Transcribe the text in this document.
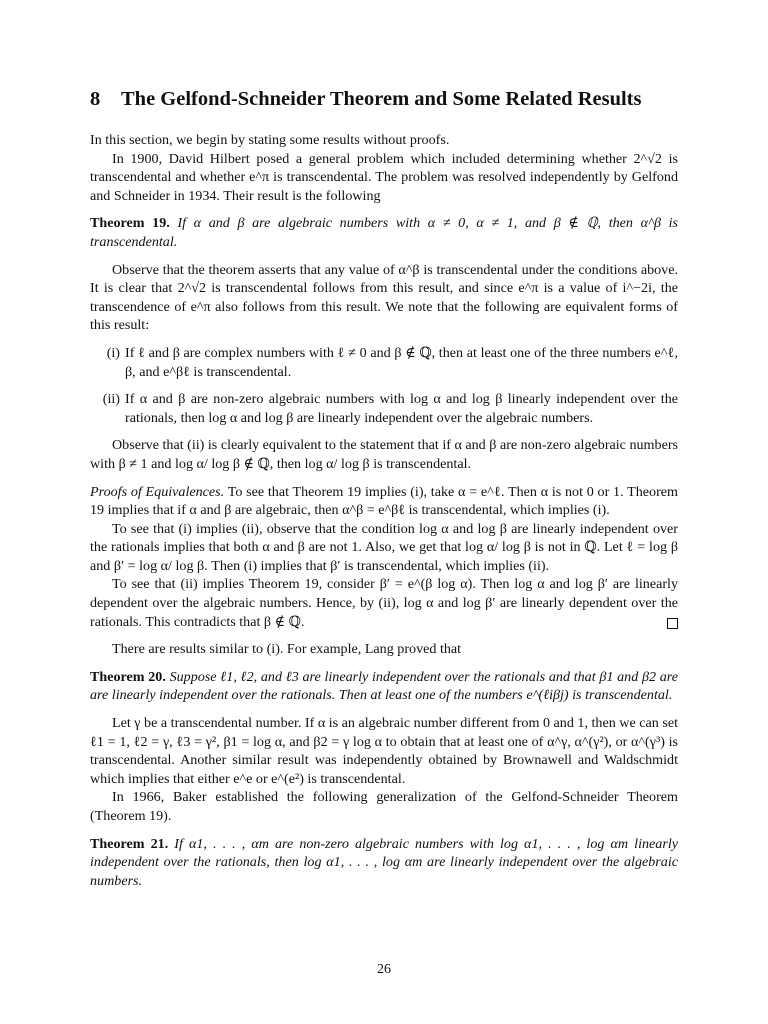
8 The Gelfond-Schneider Theorem and Some Related Results

In this section, we begin by stating some results without proofs.

In 1900, David Hilbert posed a general problem which included determining whether 2^√2 is transcendental and whether e^π is transcendental. The problem was resolved independently by Gelfond and Schneider in 1934. Their result is the following

Theorem 19. If α and β are algebraic numbers with α ≠ 0, α ≠ 1, and β ∉ ℚ, then α^β is transcendental.

Observe that the theorem asserts that any value of α^β is transcendental under the conditions above. It is clear that 2^√2 is transcendental follows from this result, and since e^π is a value of i^−2i, the transcendence of e^π also follows from this result. We note that the following are equivalent forms of this result:

(i) If ℓ and β are complex numbers with ℓ ≠ 0 and β ∉ ℚ, then at least one of the three numbers e^ℓ, β, and e^βℓ is transcendental.
(ii) If α and β are non-zero algebraic numbers with log α and log β linearly independent over the rationals, then log α and log β are linearly independent over the algebraic numbers.

Observe that (ii) is clearly equivalent to the statement that if α and β are non-zero algebraic numbers with β ≠ 1 and log α/ log β ∉ ℚ, then log α/ log β is transcendental.

Proofs of Equivalences. To see that Theorem 19 implies (i), take α = e^ℓ. Then α is not 0 or 1. Theorem 19 implies that if α and β are algebraic, then α^β = e^βℓ is transcendental, which implies (i).

To see that (i) implies (ii), observe that the condition log α and log β are linearly independent over the rationals implies that both α and β are not 1. Also, we get that log α/ log β is not in ℚ. Let ℓ = log β and β′ = log α/ log β. Then (i) implies that β′ is transcendental, which implies (ii).

To see that (ii) implies Theorem 19, consider β′ = e^(β log α). Then log α and log β′ are linearly dependent over the algebraic numbers. Hence, by (ii), log α and log β′ are linearly dependent over the rationals. This contradicts that β ∉ ℚ.

There are results similar to (i). For example, Lang proved that

Theorem 20. Suppose ℓ1, ℓ2, and ℓ3 are linearly independent over the rationals and that β1 and β2 are are linearly independent over the rationals. Then at least one of the numbers e^(ℓiβj) is transcendental.

Let γ be a transcendental number. If α is an algebraic number different from 0 and 1, then we can set ℓ1 = 1, ℓ2 = γ, ℓ3 = γ², β1 = log α, and β2 = γ log α to obtain that at least one of α^γ, α^(γ²), or α^(γ³) is transcendental. Another similar result was independently obtained by Brownawell and Waldschmidt which implies that either e^e or e^(e²) is transcendental.

In 1966, Baker established the following generalization of the Gelfond-Schneider Theorem (Theorem 19).

Theorem 21. If α1, . . . , αm are non-zero algebraic numbers with log α1, . . . , log αm linearly independent over the rationals, then log α1, . . . , log αm are linearly independent over the algebraic numbers.

26
